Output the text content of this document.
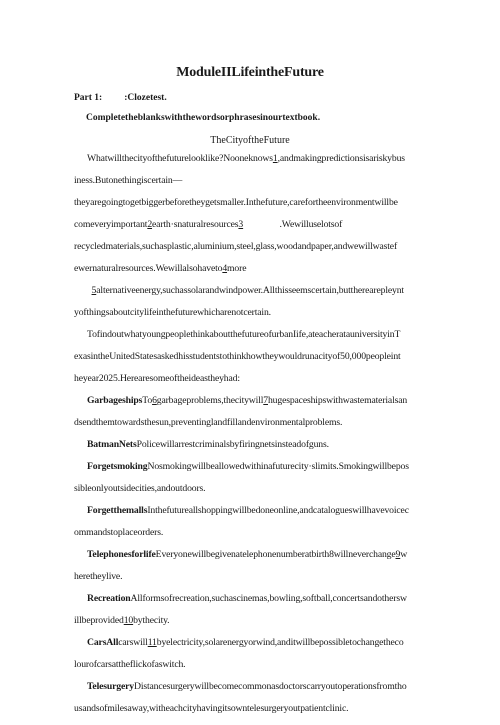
ModuleIILifeintheFuture
Part 1: :Clozetest.
Completetheblankswiththewordsorphrasesinourtextbook.
TheCityoftheFuture
Whatwillthecityofthefuturelooklike?Nooneknows1,andmakingpredictionsisariskybus
iness.Butonethingiscertain—
theyaregoingtogetbiggerbeforetheygetsmaller.Inthefuture,carefortheenvironmentwillbe
comeveryimportant2earth·snaturalresources3                .Wewilluselotsof
recycledmaterials,suchasplastic,aluminium,steel,glass,woodandpaper,andwewillwastef
ewernaturalresources.Wewillalsohaveto4more
5alternativeenergy,suchassolarandwindpower.Allthisseemscertain,buttherearepleynt
yofthingsaboutcitylifeinthefuturewhicharenotcertain.
TofindoutwhatyoungpeoplethinkaboutthefutureofurbanIife,ateacheratauniversityinT
exasintheUnitedStatesaskedhisstudentstothinkhowtheywouldrunacityof50,000peopleint
heyear2025.Herearesomeoftheideastheyhad:
GarbageshipsTo6garbageproblems,thecitywill7hugespaceshipswithwastematerialsan
dsendthemtowardsthesun,preventinglandfillandenvironmentalproblems.
BatmanNetsPolicewillarrestcriminalsbyfiringnetsinsteadofguns.
ForgetsmokingNosmokingwillbeallowedwithinafuturecity·slimits.Smokingwillbepos
sibleonlyoutsidecities,andoutdoors.
ForgetthemallsInthefutureallshoppingwillbedoneonline,andcatalogueswillhavevoicec
ommandstoplaceorders.
TelephonesforlifeEveryonewillbegivenatelephonenumberatbirth8willneverchange9w
heretheylive.
RecreationAllformsofrecreation,suchascinemas,bowling,softball,concertsandothersw
illbeprovided10bythecity.
CarsAllcarswill11byelectricity,solarenergyorwind,anditwillbepossibletochangetheco
lourofcarsattheflickofaswitch.
TelesurgeryDistancesurgerywillbecomecommonasdoctorscarryoutoperationsfromtho
usandsofmilesaway,witheachcityhavingitsowntelesurgeryoutpatientclinic.
